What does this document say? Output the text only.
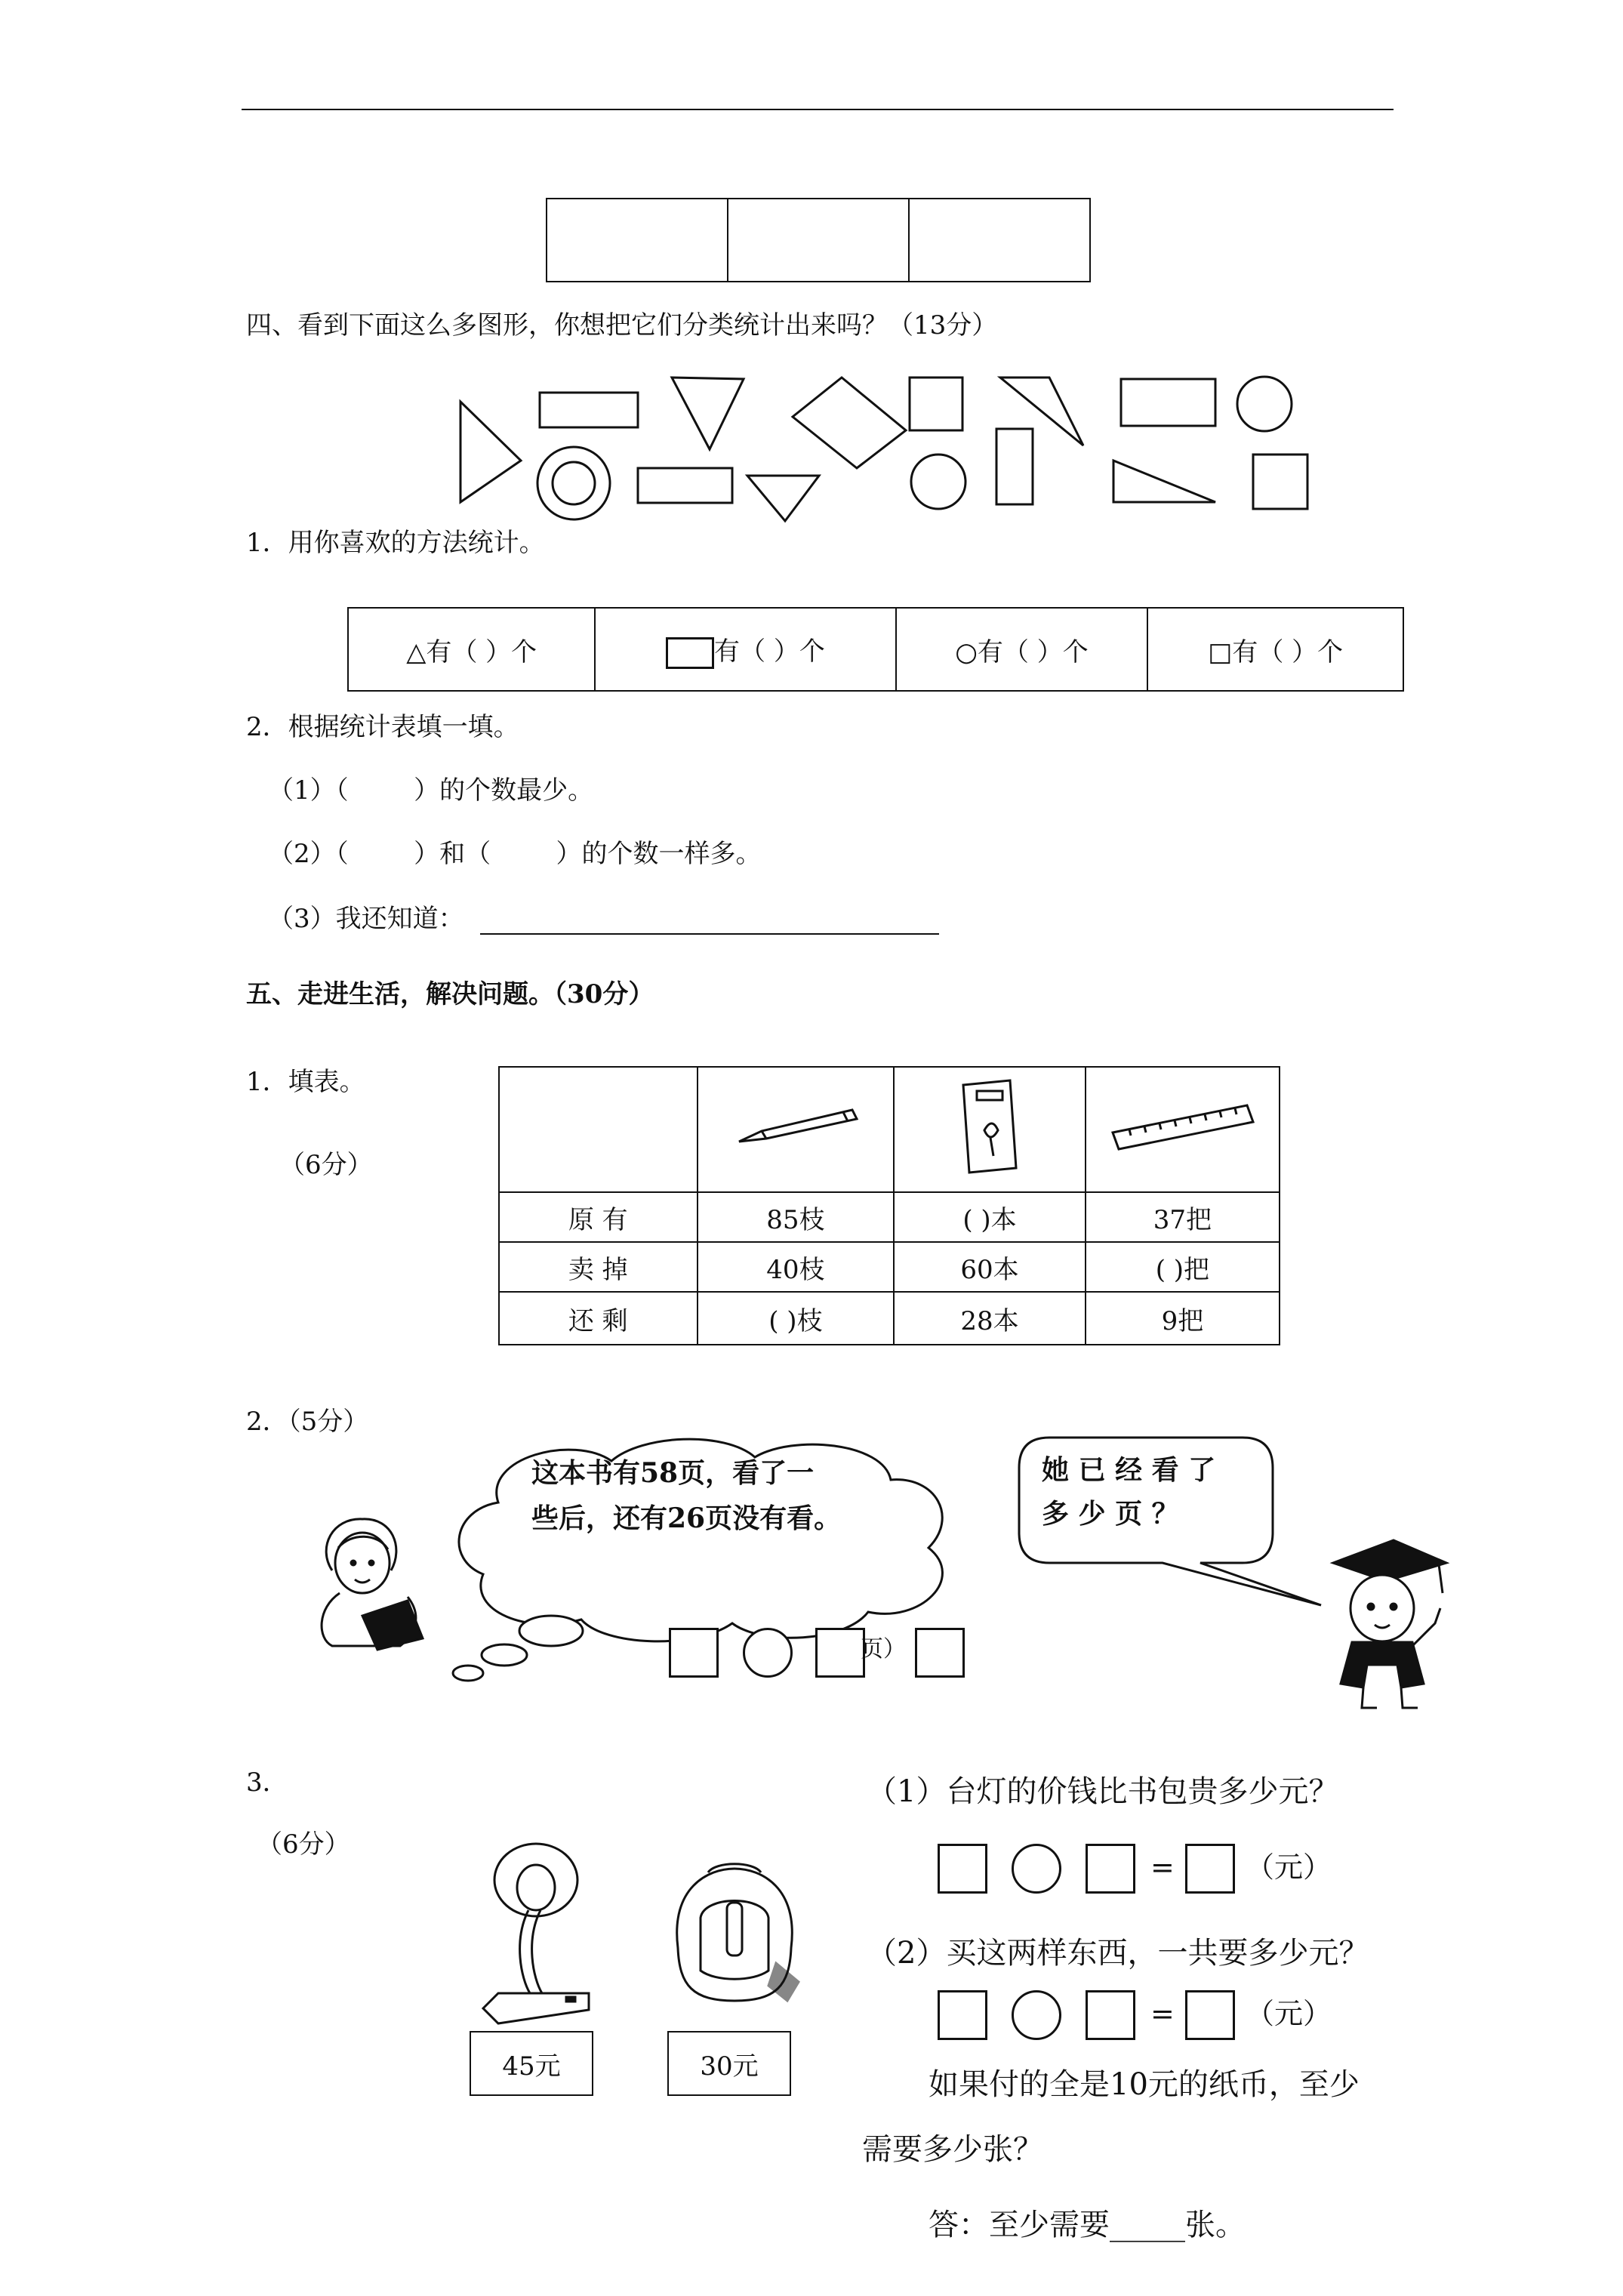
四、看到下面这么多图形，你想把它们分类统计出来吗？（13分）
1．用你喜欢的方法统计。
△有（ ）个	有（ ）个	○有（ ）个	□有（ ）个
2．根据统计表填一填。
（1）（        ）的个数最少。
（2）（        ）和（        ）的个数一样多。
（3）我还知道：
五、走进生活，解决问题。（30分）
1．填表。
（6分）

原 有	85枝	( )本	37把
卖 掉	40枝	60本	( )把
还 剩	( )枝	28本	9把
2．（5分）
这本书有58页，看了一
些后，还有26页没有看。
她 已 经 看 了
多 少 页 ？
页）
3．
（6分）
45元	30元
（1）台灯的价钱比书包贵多少元？
= （元）
（2）买这两样东西，一共要多少元？
= （元）
如果付的全是10元的纸币，至少
需要多少张？
答：至少需要_____张。
